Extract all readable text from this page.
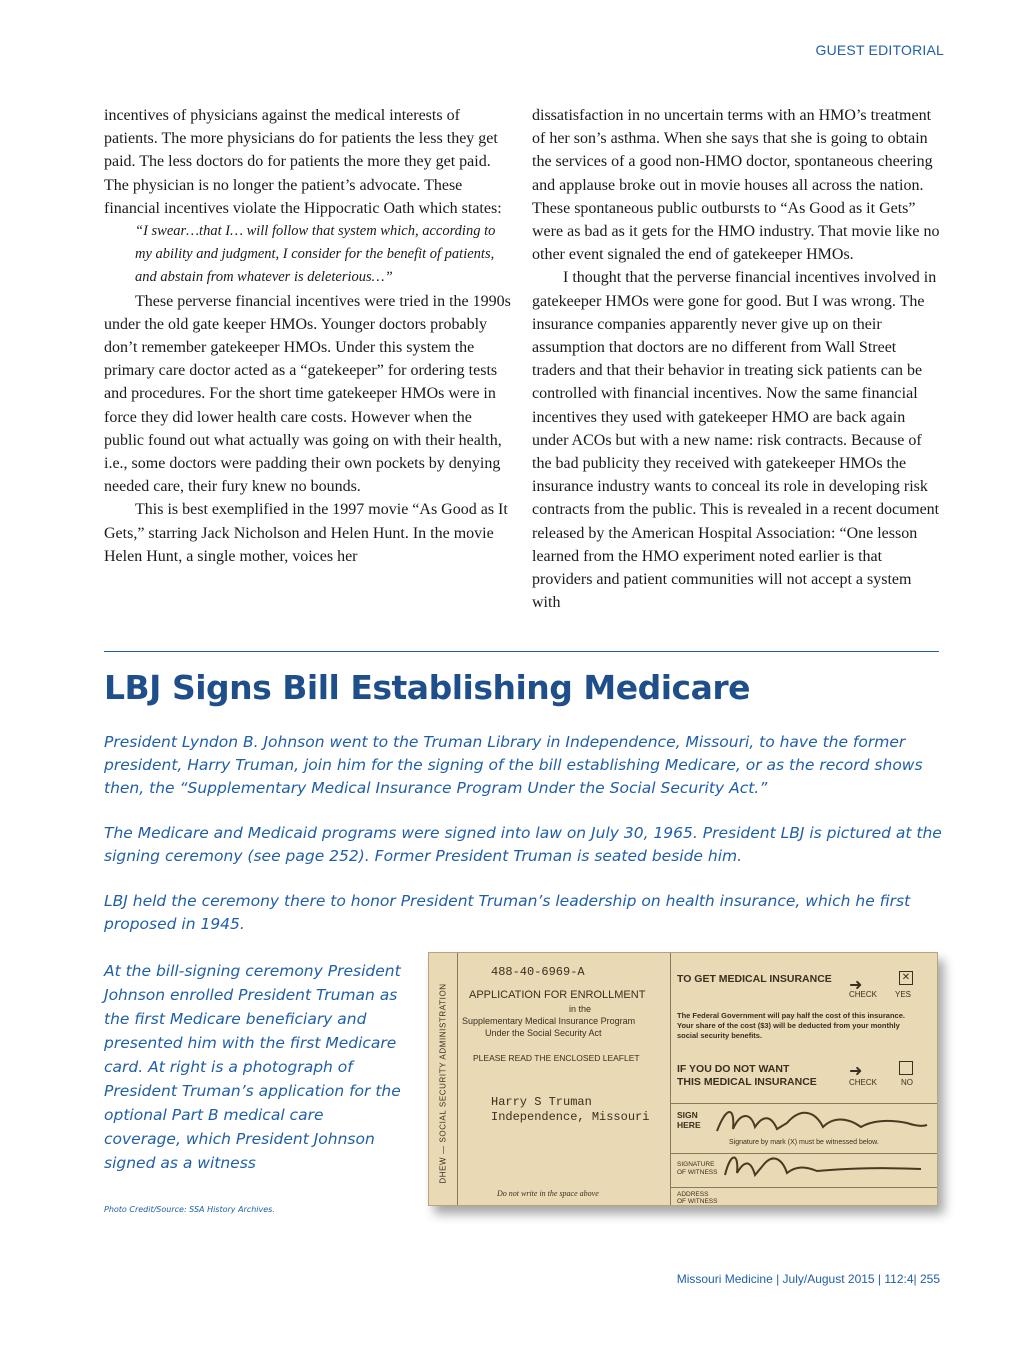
GUEST EDITORIAL

incentives of physicians against the medical interests of patients. The more physicians do for patients the less they get paid. The less doctors do for patients the more they get paid. The physician is no longer the patient’s advocate. These financial incentives violate the Hippocratic Oath which states:

“I swear…that I… will follow that system which, according to my ability and judgment, I consider for the benefit of patients, and abstain from whatever is deleterious…”

These perverse financial incentives were tried in the 1990s under the old gate keeper HMOs. Younger doctors probably don’t remember gatekeeper HMOs. Under this system the primary care doctor acted as a “gatekeeper” for ordering tests and procedures. For the short time gatekeeper HMOs were in force they did lower health care costs. However when the public found out what actually was going on with their health, i.e., some doctors were padding their own pockets by denying needed care, their fury knew no bounds.

This is best exemplified in the 1997 movie “As Good as It Gets,” starring Jack Nicholson and Helen Hunt. In the movie Helen Hunt, a single mother, voices her

dissatisfaction in no uncertain terms with an HMO’s treatment of her son’s asthma. When she says that she is going to obtain the services of a good non-HMO doctor, spontaneous cheering and applause broke out in movie houses all across the nation. These spontaneous public outbursts to “As Good as it Gets” were as bad as it gets for the HMO industry. That movie like no other event signaled the end of gatekeeper HMOs.

I thought that the perverse financial incentives involved in gatekeeper HMOs were gone for good. But I was wrong. The insurance companies apparently never give up on their assumption that doctors are no different from Wall Street traders and that their behavior in treating sick patients can be controlled with financial incentives. Now the same financial incentives they used with gatekeeper HMO are back again under ACOs but with a new name: risk contracts. Because of the bad publicity they received with gatekeeper HMOs the insurance industry wants to conceal its role in developing risk contracts from the public. This is revealed in a recent document released by the American Hospital Association: “One lesson learned from the HMO experiment noted earlier is that providers and patient communities will not accept a system with

LBJ Signs Bill Establishing Medicare

President Lyndon B. Johnson went to the Truman Library in Independence, Missouri, to have the former president, Harry Truman, join him for the signing of the bill establishing Medicare, or as the record shows then, the “Supplementary Medical Insurance Program Under the Social Security Act.”

The Medicare and Medicaid programs were signed into law on July 30, 1965. President LBJ is pictured at the signing ceremony (see page 252). Former President Truman is seated beside him.

LBJ held the ceremony there to honor President Truman’s leadership on health insurance, which he first proposed in 1945.

At the bill-signing ceremony President Johnson enrolled President Truman as the first Medicare beneficiary and presented him with the first Medicare card. At right is a photograph of President Truman’s application for the optional Part B medical care coverage, which President Johnson signed as a witness

Photo Credit/Source: SSA History Archives.
DHEW — SOCIAL SECURITY ADMINISTRATION
488-40-6969-A
APPLICATION FOR ENROLLMENT
in the
Supplementary Medical Insurance Program
Under the Social Security Act
PLEASE READ THE ENCLOSED LEAFLET
Harry S Truman
Independence, Missouri
Do not write in the space above
TO GET MEDICAL INSURANCE ➜
CHECK
✕
YES
The Federal Government will pay half the cost of this insurance. Your share of the cost ($3) will be deducted from your monthly social security benefits.
IF YOU DO NOT WANT
THIS MEDICAL INSURANCE
➜
CHECK	NO
SIGN
HERE
Signature by mark (X) must be witnessed below.
SIGNATURE
OF WITNESS
ADDRESS
OF WITNESS
Missouri Medicine | July/August 2015 | 112:4| 255
